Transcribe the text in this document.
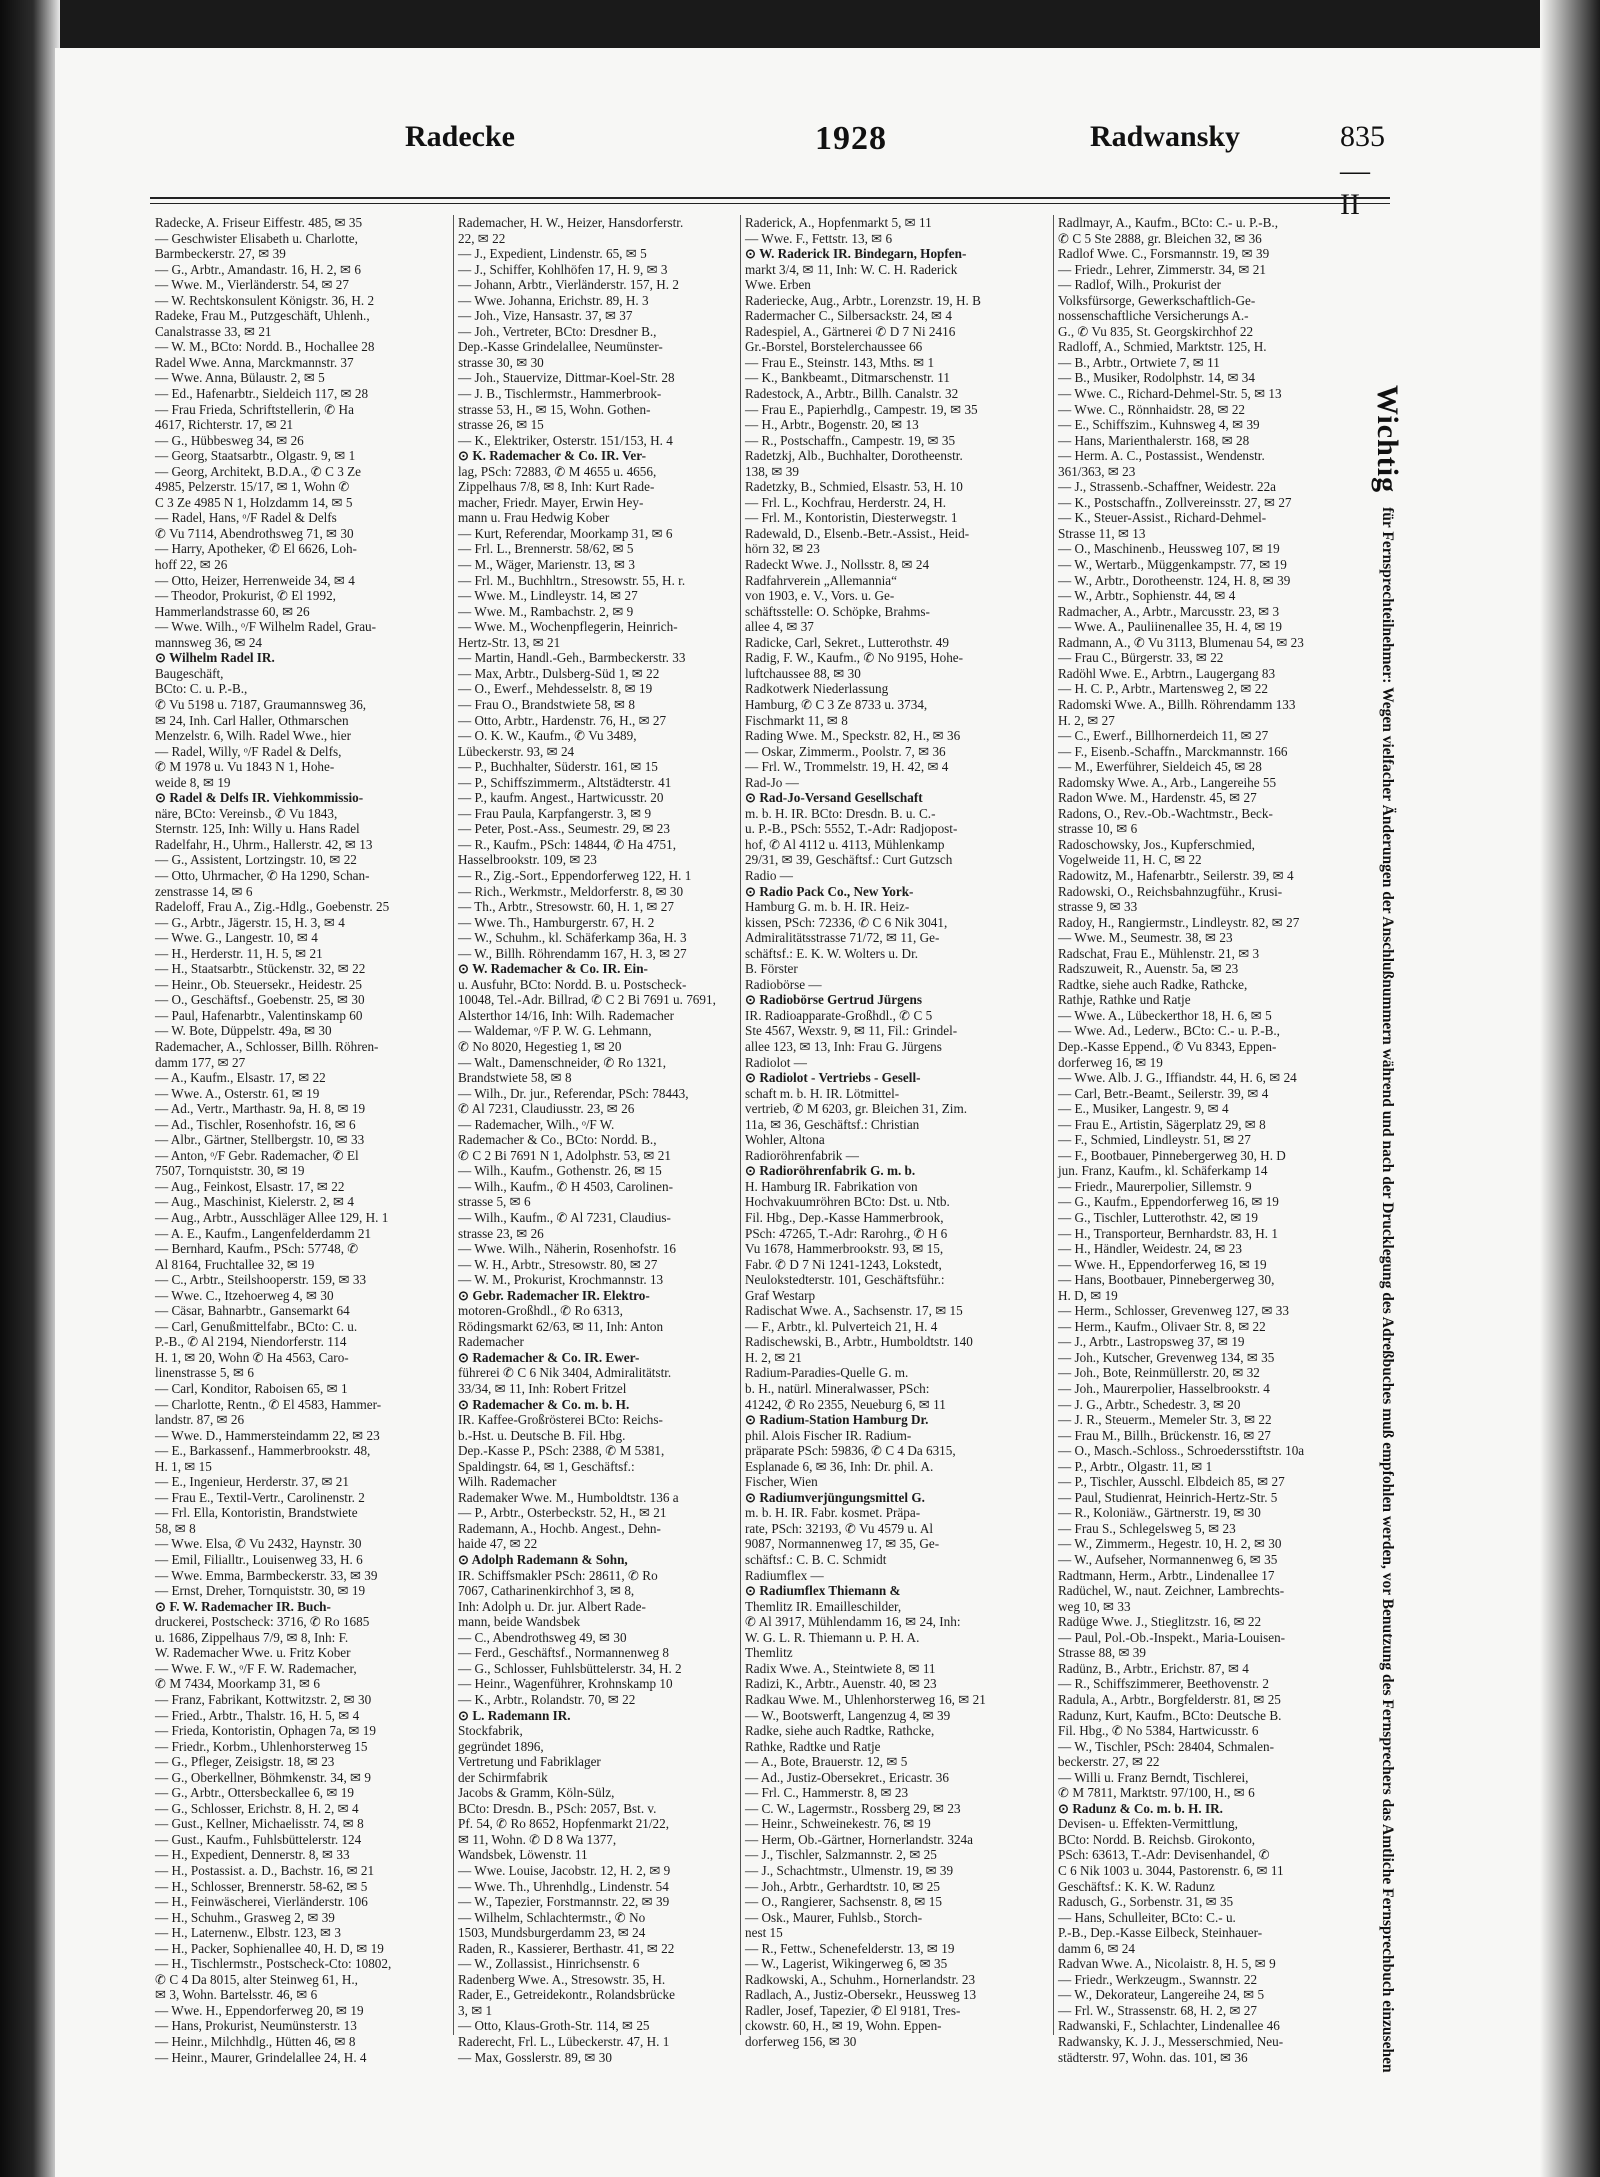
Radecke	1928	Radwansky	835—II
Radecke, A. Friseur Eiffestr. 485, ✉ 35
— Geschwister Elisabeth u. Charlotte,
Barmbeckerstr. 27, ✉ 39
— G., Arbtr., Amandastr. 16, H. 2, ✉ 6
— Wwe. M., Vierländerstr. 54, ✉ 27
— W. Rechtskonsulent Königstr. 36, H. 2
Radeke, Frau M., Putzgeschäft, Uhlenh.,
Canalstrasse 33, ✉ 21
— W. M., BCto: Nordd. B., Hochallee 28
Radel Wwe. Anna, Marckmannstr. 37
— Wwe. Anna, Bülaustr. 2, ✉ 5
— Ed., Hafenarbtr., Sieldeich 117, ✉ 28
— Frau Frieda, Schriftstellerin, ✆ Ha
4617, Richterstr. 17, ✉ 21
— G., Hübbesweg 34, ✉ 26
— Georg, Staatsarbtr., Olgastr. 9, ✉ 1
— Georg, Architekt, B.D.A., ✆ C 3 Ze
4985, Pelzerstr. 15/17, ✉ 1, Wohn ✆
C 3 Ze 4985 N 1, Holzdamm 14, ✉ 5
— Radel, Hans, ᵒ/F Radel & Delfs
✆ Vu 7114, Abendrothsweg 71, ✉ 30
— Harry, Apotheker, ✆ El 6626, Loh-
hoff 22, ✉ 26
— Otto, Heizer, Herrenweide 34, ✉ 4
— Theodor, Prokurist, ✆ El 1992,
Hammerlandstrasse 60, ✉ 26
— Wwe. Wilh., ᵒ/F Wilhelm Radel, Grau-
mannsweg 36, ✉ 24
⊙ Wilhelm Radel IR.
Baugeschäft,
BCto: C. u. P.-B.,
✆ Vu 5198 u. 7187, Graumannsweg 36,
✉ 24, Inh. Carl Haller, Othmarschen
Menzelstr. 6, Wilh. Radel Wwe., hier
— Radel, Willy, ᵒ/F Radel & Delfs,
✆ M 1978 u. Vu 1843 N 1, Hohe-
weide 8, ✉ 19
⊙ Radel & Delfs IR. Viehkommissio-
näre, BCto: Vereinsb., ✆ Vu 1843,
Sternstr. 125, Inh: Willy u. Hans Radel
Radelfahr, H., Uhrm., Hallerstr. 42, ✉ 13
— G., Assistent, Lortzingstr. 10, ✉ 22
— Otto, Uhrmacher, ✆ Ha 1290, Schan-
zenstrasse 14, ✉ 6
Radeloff, Frau A., Zig.-Hdlg., Goebenstr. 25
— G., Arbtr., Jägerstr. 15, H. 3, ✉ 4
— Wwe. G., Langestr. 10, ✉ 4
— H., Herderstr. 11, H. 5, ✉ 21
— H., Staatsarbtr., Stückenstr. 32, ✉ 22
— Heinr., Ob. Steuersekr., Heidestr. 25
— O., Geschäftsf., Goebenstr. 25, ✉ 30
— Paul, Hafenarbtr., Valentinskamp 60
— W. Bote, Düppelstr. 49a, ✉ 30
Rademacher, A., Schlosser, Billh. Röhren-
damm 177, ✉ 27
— A., Kaufm., Elsastr. 17, ✉ 22
— Wwe. A., Osterstr. 61, ✉ 19
— Ad., Vertr., Marthastr. 9a, H. 8, ✉ 19
— Ad., Tischler, Rosenhofstr. 16, ✉ 6
— Albr., Gärtner, Stellbergstr. 10, ✉ 33
— Anton, ᵒ/F Gebr. Rademacher, ✆ El
7507, Tornquiststr. 30, ✉ 19
— Aug., Feinkost, Elsastr. 17, ✉ 22
— Aug., Maschinist, Kielerstr. 2, ✉ 4
— Aug., Arbtr., Ausschläger Allee 129, H. 1
— A. E., Kaufm., Langenfelderdamm 21
— Bernhard, Kaufm., PSch: 57748, ✆
Al 8164, Fruchtallee 32, ✉ 19
— C., Arbtr., Steilshooperstr. 159, ✉ 33
— Wwe. C., Itzehoerweg 4, ✉ 30
— Cäsar, Bahnarbtr., Gansemarkt 64
— Carl, Genußmittelfabr., BCto: C. u.
P.-B., ✆ Al 2194, Niendorferstr. 114
H. 1, ✉ 20, Wohn ✆ Ha 4563, Caro-
linenstrasse 5, ✉ 6
— Carl, Konditor, Raboisen 65, ✉ 1
— Charlotte, Rentn., ✆ El 4583, Hammer-
landstr. 87, ✉ 26
— Wwe. D., Hammersteindamm 22, ✉ 23
— E., Barkassenf., Hammerbrookstr. 48,
H. 1, ✉ 15
— E., Ingenieur, Herderstr. 37, ✉ 21
— Frau E., Textil-Vertr., Carolinenstr. 2
— Frl. Ella, Kontoristin, Brandstwiete
58, ✉ 8
— Wwe. Elsa, ✆ Vu 2432, Haynstr. 30
— Emil, Filialltr., Louisenweg 33, H. 6
— Wwe. Emma, Barmbeckerstr. 33, ✉ 39
— Ernst, Dreher, Tornquiststr. 30, ✉ 19
⊙ F. W. Rademacher IR. Buch-
druckerei, Postscheck: 3716, ✆ Ro 1685
u. 1686, Zippelhaus 7/9, ✉ 8, Inh: F.
W. Rademacher Wwe. u. Fritz Kober
— Wwe. F. W., ᵒ/F F. W. Rademacher,
✆ M 7434, Moorkamp 31, ✉ 6
— Franz, Fabrikant, Kottwitzstr. 2, ✉ 30
— Fried., Arbtr., Thalstr. 16, H. 5, ✉ 4
— Frieda, Kontoristin, Ophagen 7a, ✉ 19
— Friedr., Korbm., Uhlenhorsterweg 15
— G., Pfleger, Zeisigstr. 18, ✉ 23
— G., Oberkellner, Böhmkenstr. 34, ✉ 9
— G., Arbtr., Ottersbeckallee 6, ✉ 19
— G., Schlosser, Erichstr. 8, H. 2, ✉ 4
— Gust., Kellner, Michaelisstr. 74, ✉ 8
— Gust., Kaufm., Fuhlsbüttelerstr. 124
— H., Expedient, Dennerstr. 8, ✉ 33
— H., Postassist. a. D., Bachstr. 16, ✉ 21
— H., Schlosser, Brennerstr. 58-62, ✉ 5
— H., Feinwäscherei, Vierländerstr. 106
— H., Schuhm., Grasweg 2, ✉ 39
— H., Laternenw., Elbstr. 123, ✉ 3
— H., Packer, Sophienallee 40, H. D, ✉ 19
— H., Tischlermstr., Postscheck-Cto: 10802,
✆ C 4 Da 8015, alter Steinweg 61, H.,
✉ 3, Wohn. Bartelsstr. 46, ✉ 6
— Wwe. H., Eppendorferweg 20, ✉ 19
— Hans, Prokurist, Neumünsterstr. 13
— Heinr., Milchhdlg., Hütten 46, ✉ 8
— Heinr., Maurer, Grindelallee 24, H. 4
Rademacher, H. W., Heizer, Hansdorferstr.
22, ✉ 22
— J., Expedient, Lindenstr. 65, ✉ 5
— J., Schiffer, Kohlhöfen 17, H. 9, ✉ 3
— Johann, Arbtr., Vierländerstr. 157, H. 2
— Wwe. Johanna, Erichstr. 89, H. 3
— Joh., Vize, Hansastr. 37, ✉ 37
— Joh., Vertreter, BCto: Dresdner B.,
Dep.-Kasse Grindelallee, Neumünster-
strasse 30, ✉ 30
— Joh., Stauervize, Dittmar-Koel-Str. 28
— J. B., Tischlermstr., Hammerbrook-
strasse 53, H., ✉ 15, Wohn. Gothen-
strasse 26, ✉ 15
— K., Elektriker, Osterstr. 151/153, H. 4
⊙ K. Rademacher & Co. IR. Ver-
lag, PSch: 72883, ✆ M 4655 u. 4656,
Zippelhaus 7/8, ✉ 8, Inh: Kurt Rade-
macher, Friedr. Mayer, Erwin Hey-
mann u. Frau Hedwig Kober
— Kurt, Referendar, Moorkamp 31, ✉ 6
— Frl. L., Brennerstr. 58/62, ✉ 5
— M., Wäger, Marienstr. 13, ✉ 3
— Frl. M., Buchhltrn., Stresowstr. 55, H. r.
— Wwe. M., Lindleystr. 14, ✉ 27
— Wwe. M., Rambachstr. 2, ✉ 9
— Wwe. M., Wochenpflegerin, Heinrich-
Hertz-Str. 13, ✉ 21
— Martin, Handl.-Geh., Barmbeckerstr. 33
— Max, Arbtr., Dulsberg-Süd 1, ✉ 22
— O., Ewerf., Mehdesselstr. 8, ✉ 19
— Frau O., Brandstwiete 58, ✉ 8
— Otto, Arbtr., Hardenstr. 76, H., ✉ 27
— O. K. W., Kaufm., ✆ Vu 3489,
Lübeckerstr. 93, ✉ 24
— P., Buchhalter, Süderstr. 161, ✉ 15
— P., Schiffszimmerm., Altstädterstr. 41
— P., kaufm. Angest., Hartwicusstr. 20
— Frau Paula, Karpfangerstr. 3, ✉ 9
— Peter, Post.-Ass., Seumestr. 29, ✉ 23
— R., Kaufm., PSch: 14844, ✆ Ha 4751,
Hasselbrookstr. 109, ✉ 23
— R., Zig.-Sort., Eppendorferweg 122, H. 1
— Rich., Werkmstr., Meldorferstr. 8, ✉ 30
— Th., Arbtr., Stresowstr. 60, H. 1, ✉ 27
— Wwe. Th., Hamburgerstr. 67, H. 2
— W., Schuhm., kl. Schäferkamp 36a, H. 3
— W., Billh. Röhrendamm 167, H. 3, ✉ 27
⊙ W. Rademacher & Co. IR. Ein-
u. Ausfuhr, BCto: Nordd. B. u. Postscheck-
10048, Tel.-Adr. Billrad, ✆ C 2 Bi 7691 u. 7691,
Alsterthor 14/16, Inh: Wilh. Rademacher
— Waldemar, ᵒ/F P. W. G. Lehmann,
✆ No 8020, Hegestieg 1, ✉ 20
— Walt., Damenschneider, ✆ Ro 1321,
Brandstwiete 58, ✉ 8
— Wilh., Dr. jur., Referendar, PSch: 78443,
✆ Al 7231, Claudiusstr. 23, ✉ 26
— Rademacher, Wilh., ᵒ/F W.
Rademacher & Co., BCto: Nordd. B.,
✆ C 2 Bi 7691 N 1, Adolphstr. 53, ✉ 21
— Wilh., Kaufm., Gothenstr. 26, ✉ 15
— Wilh., Kaufm., ✆ H 4503, Carolinen-
strasse 5, ✉ 6
— Wilh., Kaufm., ✆ Al 7231, Claudius-
strasse 23, ✉ 26
— Wwe. Wilh., Näherin, Rosenhofstr. 16
— W. H., Arbtr., Stresowstr. 80, ✉ 27
— W. M., Prokurist, Krochmannstr. 13
⊙ Gebr. Rademacher IR. Elektro-
motoren-Großhdl., ✆ Ro 6313,
Rödingsmarkt 62/63, ✉ 11, Inh: Anton
Rademacher
⊙ Rademacher & Co. IR. Ewer-
führerei ✆ C 6 Nik 3404, Admiralitätstr.
33/34, ✉ 11, Inh: Robert Fritzel
⊙ Rademacher & Co. m. b. H.
IR. Kaffee-Großrösterei BCto: Reichs-
b.-Hst. u. Deutsche B. Fil. Hbg.
Dep.-Kasse P., PSch: 2388, ✆ M 5381,
Spaldingstr. 64, ✉ 1, Geschäftsf.:
Wilh. Rademacher
Rademaker Wwe. M., Humboldtstr. 136 a
— P., Arbtr., Osterbeckstr. 52, H., ✉ 21
Rademann, A., Hochb. Angest., Dehn-
haide 47, ✉ 22
⊙ Adolph Rademann & Sohn,
IR. Schiffsmakler PSch: 28611, ✆ Ro
7067, Catharinenkirchhof 3, ✉ 8,
Inh: Adolph u. Dr. jur. Albert Rade-
mann, beide Wandsbek
— C., Abendrothsweg 49, ✉ 30
— Ferd., Geschäftsf., Normannenweg 8
— G., Schlosser, Fuhlsbüttelerstr. 34, H. 2
— Heinr., Wagenführer, Krohnskamp 10
— K., Arbtr., Rolandstr. 70, ✉ 22
⊙ L. Rademann IR.
Stockfabrik,
gegründet 1896,
Vertretung und Fabriklager
der Schirmfabrik
Jacobs & Gramm, Köln-Sülz,
BCto: Dresdn. B., PSch: 2057, Bst. v.
Pf. 54, ✆ Ro 8652, Hopfenmarkt 21/22,
✉ 11, Wohn. ✆ D 8 Wa 1377,
Wandsbek, Löwenstr. 11
— Wwe. Louise, Jacobstr. 12, H. 2, ✉ 9
— Wwe. Th., Uhrenhdlg., Lindenstr. 54
— W., Tapezier, Forstmannstr. 22, ✉ 39
— Wilhelm, Schlachtermstr., ✆ No
1503, Mundsburgerdamm 23, ✉ 24
Raden, R., Kassierer, Berthastr. 41, ✉ 22
— W., Zollassist., Hinrichsenstr. 6
Radenberg Wwe. A., Stresowstr. 35, H.
Rader, E., Getreidekontr., Rolandsbrücke
3, ✉ 1
— Otto, Klaus-Groth-Str. 114, ✉ 25
Raderecht, Frl. L., Lübeckerstr. 47, H. 1
— Max, Gosslerstr. 89, ✉ 30
Raderick, A., Hopfenmarkt 5, ✉ 11
— Wwe. F., Fettstr. 13, ✉ 6
⊙ W. Raderick IR. Bindegarn, Hopfen-
markt 3/4, ✉ 11, Inh: W. C. H. Raderick
Wwe. Erben
Raderiecke, Aug., Arbtr., Lorenzstr. 19, H. B
Radermacher C., Silbersackstr. 24, ✉ 4
Radespiel, A., Gärtnerei ✆ D 7 Ni 2416
Gr.-Borstel, Borstelerchaussee 66
— Frau E., Steinstr. 143, Mths. ✉ 1
— K., Bankbeamt., Ditmarschenstr. 11
Radestock, A., Arbtr., Billh. Canalstr. 32
— Frau E., Papierhdlg., Campestr. 19, ✉ 35
— H., Arbtr., Bogenstr. 20, ✉ 13
— R., Postschaffn., Campestr. 19, ✉ 35
Radetzkj, Alb., Buchhalter, Dorotheenstr.
138, ✉ 39
Radetzky, B., Schmied, Elsastr. 53, H. 10
— Frl. L., Kochfrau, Herderstr. 24, H.
— Frl. M., Kontoristin, Diesterwegstr. 1
Radewald, D., Elsenb.-Betr.-Assist., Heid-
hörn 32, ✉ 23
Radeckt Wwe. J., Nollsstr. 8, ✉ 24
Radfahrverein „Allemannia“
von 1903, e. V., Vors. u. Ge-
schäftsstelle: O. Schöpke, Brahms-
allee 4, ✉ 37
Radicke, Carl, Sekret., Lutterothstr. 49
Radig, F. W., Kaufm., ✆ No 9195, Hohe-
luftchaussee 88, ✉ 30
Radkotwerk Niederlassung
Hamburg, ✆ C 3 Ze 8733 u. 3734,
Fischmarkt 11, ✉ 8
Rading Wwe. M., Speckstr. 82, H., ✉ 36
— Oskar, Zimmerm., Poolstr. 7, ✉ 36
— Frl. W., Trommelstr. 19, H. 42, ✉ 4
Rad-Jo —
⊙ Rad-Jo-Versand Gesellschaft
m. b. H. IR. BCto: Dresdn. B. u. C.-
u. P.-B., PSch: 5552, T.-Adr: Radjopost-
hof, ✆ Al 4112 u. 4113, Mühlenkamp
29/31, ✉ 39, Geschäftsf.: Curt Gutzsch
Radio —
⊙ Radio Pack Co., New York-
Hamburg G. m. b. H. IR. Heiz-
kissen, PSch: 72336, ✆ C 6 Nik 3041,
Admiralitätsstrasse 71/72, ✉ 11, Ge-
schäftsf.: E. K. W. Wolters u. Dr.
B. Förster
Radiobörse —
⊙ Radiobörse Gertrud Jürgens
IR. Radioapparate-Großhdl., ✆ C 5
Ste 4567, Wexstr. 9, ✉ 11, Fil.: Grindel-
allee 123, ✉ 13, Inh: Frau G. Jürgens
Radiolot —
⊙ Radiolot - Vertriebs - Gesell-
schaft m. b. H. IR. Lötmittel-
vertrieb, ✆ M 6203, gr. Bleichen 31, Zim.
11a, ✉ 36, Geschäftsf.: Christian
Wohler, Altona
Radioröhrenfabrik —
⊙ Radioröhrenfabrik G. m. b.
H. Hamburg IR. Fabrikation von
Hochvakuumröhren BCto: Dst. u. Ntb.
Fil. Hbg., Dep.-Kasse Hammerbrook,
PSch: 47265, T.-Adr: Rarohrg., ✆ H 6
Vu 1678, Hammerbrookstr. 93, ✉ 15,
Fabr. ✆ D 7 Ni 1241-1243, Lokstedt,
Neulokstedterstr. 101, Geschäftsführ.:
Graf Westarp
Radischat Wwe. A., Sachsenstr. 17, ✉ 15
— F., Arbtr., kl. Pulverteich 21, H. 4
Radischewski, B., Arbtr., Humboldtstr. 140
H. 2, ✉ 21
Radium-Paradies-Quelle G. m.
b. H., natürl. Mineralwasser, PSch:
41242, ✆ Ro 2355, Neueburg 6, ✉ 11
⊙ Radium-Station Hamburg Dr.
phil. Alois Fischer IR. Radium-
präparate PSch: 59836, ✆ C 4 Da 6315,
Esplanade 6, ✉ 36, Inh: Dr. phil. A.
Fischer, Wien
⊙ Radiumverjüngungsmittel G.
m. b. H. IR. Fabr. kosmet. Präpa-
rate, PSch: 32193, ✆ Vu 4579 u. Al
9087, Normannenweg 17, ✉ 35, Ge-
schäftsf.: C. B. C. Schmidt
Radiumflex —
⊙ Radiumflex Thiemann &
Themlitz IR. Emailleschilder,
✆ Al 3917, Mühlendamm 16, ✉ 24, Inh:
W. G. L. R. Thiemann u. P. H. A.
Themlitz
Radix Wwe. A., Steintwiete 8, ✉ 11
Radizi, K., Arbtr., Auenstr. 40, ✉ 23
Radkau Wwe. M., Uhlenhorsterweg 16, ✉ 21
— W., Bootswerft, Langenzug 4, ✉ 39
Radke, siehe auch Radtke, Rathcke,
Rathke, Radtke und Ratje
— A., Bote, Brauerstr. 12, ✉ 5
— Ad., Justiz-Obersekret., Ericastr. 36
— Frl. C., Hammerstr. 8, ✉ 23
— C. W., Lagermstr., Rossberg 29, ✉ 23
— Heinr., Schweinekestr. 76, ✉ 19
— Herm, Ob.-Gärtner, Hornerlandstr. 324a
— J., Tischler, Salzmannstr. 2, ✉ 25
— J., Schachtmstr., Ulmenstr. 19, ✉ 39
— Joh., Arbtr., Gerhardtstr. 10, ✉ 25
— O., Rangierer, Sachsenstr. 8, ✉ 15
— Osk., Maurer, Fuhlsb., Storch-
nest 15
— R., Fettw., Schenefelderstr. 13, ✉ 19
— W., Lagerist, Wikingerweg 6, ✉ 35
Radkowski, A., Schuhm., Hornerlandstr. 23
Radlach, A., Justiz-Obersekr., Heussweg 13
Radler, Josef, Tapezier, ✆ El 9181, Tres-
ckowstr. 60, H., ✉ 19, Wohn. Eppen-
dorferweg 156, ✉ 30
Radlmayr, A., Kaufm., BCto: C.- u. P.-B.,
✆ C 5 Ste 2888, gr. Bleichen 32, ✉ 36
Radlof Wwe. C., Forsmannstr. 19, ✉ 39
— Friedr., Lehrer, Zimmerstr. 34, ✉ 21
— Radlof, Wilh., Prokurist der
Volksfürsorge, Gewerkschaftlich-Ge-
nossenschaftliche Versicherungs A.-
G., ✆ Vu 835, St. Georgskirchhof 22
Radloff, A., Schmied, Marktstr. 125, H.
— B., Arbtr., Ortwiete 7, ✉ 11
— B., Musiker, Rodolphstr. 14, ✉ 34
— Wwe. C., Richard-Dehmel-Str. 5, ✉ 13
— Wwe. C., Rönnhaidstr. 28, ✉ 22
— E., Schiffszim., Kuhnsweg 4, ✉ 39
— Hans, Marienthalerstr. 168, ✉ 28
— Herm. A. C., Postassist., Wendenstr.
361/363, ✉ 23
— J., Strassenb.-Schaffner, Weidestr. 22a
— K., Postschaffn., Zollvereinsstr. 27, ✉ 27
— K., Steuer-Assist., Richard-Dehmel-
Strasse 11, ✉ 13
— O., Maschinenb., Heussweg 107, ✉ 19
— W., Wertarb., Müggenkampstr. 77, ✉ 19
— W., Arbtr., Dorotheenstr. 124, H. 8, ✉ 39
— W., Arbtr., Sophienstr. 44, ✉ 4
Radmacher, A., Arbtr., Marcusstr. 23, ✉ 3
— Wwe. A., Pauliinenallee 35, H. 4, ✉ 19
Radmann, A., ✆ Vu 3113, Blumenau 54, ✉ 23
— Frau C., Bürgerstr. 33, ✉ 22
Radöhl Wwe. E., Arbtrn., Laugergang 83
— H. C. P., Arbtr., Martensweg 2, ✉ 22
Radomski Wwe. A., Billh. Röhrendamm 133
H. 2, ✉ 27
— C., Ewerf., Billhornerdeich 11, ✉ 27
— F., Eisenb.-Schaffn., Marckmannstr. 166
— M., Ewerführer, Sieldeich 45, ✉ 28
Radomsky Wwe. A., Arb., Langereihe 55
Radon Wwe. M., Hardenstr. 45, ✉ 27
Radons, O., Rev.-Ob.-Wachtmstr., Beck-
strasse 10, ✉ 6
Radoschowsky, Jos., Kupferschmied,
Vogelweide 11, H. C, ✉ 22
Radowitz, M., Hafenarbtr., Seilerstr. 39, ✉ 4
Radowski, O., Reichsbahnzugführ., Krusi-
strasse 9, ✉ 33
Radoy, H., Rangiermstr., Lindleystr. 82, ✉ 27
— Wwe. M., Seumestr. 38, ✉ 23
Radschat, Frau E., Mühlenstr. 21, ✉ 3
Radszuweit, R., Auenstr. 5a, ✉ 23
Radtke, siehe auch Radke, Rathcke,
Rathje, Rathke und Ratje
— Wwe. A., Lübeckerthor 18, H. 6, ✉ 5
— Wwe. Ad., Lederw., BCto: C.- u. P.-B.,
Dep.-Kasse Eppend., ✆ Vu 8343, Eppen-
dorferweg 16, ✉ 19
— Wwe. Alb. J. G., Iffiandstr. 44, H. 6, ✉ 24
— Carl, Betr.-Beamt., Seilerstr. 39, ✉ 4
— E., Musiker, Langestr. 9, ✉ 4
— Frau E., Artistin, Sägerplatz 29, ✉ 8
— F., Schmied, Lindleystr. 51, ✉ 27
— F., Bootbauer, Pinnebergerweg 30, H. D
jun. Franz, Kaufm., kl. Schäferkamp 14
— Friedr., Maurerpolier, Sillemstr. 9
— G., Kaufm., Eppendorferweg 16, ✉ 19
— G., Tischler, Lutterothstr. 42, ✉ 19
— H., Transporteur, Bernhardstr. 83, H. 1
— H., Händler, Weidestr. 24, ✉ 23
— Wwe. H., Eppendorferweg 16, ✉ 19
— Hans, Bootbauer, Pinnebergerweg 30,
H. D, ✉ 19
— Herm., Schlosser, Grevenweg 127, ✉ 33
— Herm., Kaufm., Olivaer Str. 8, ✉ 22
— J., Arbtr., Lastropsweg 37, ✉ 19
— Joh., Kutscher, Grevenweg 134, ✉ 35
— Joh., Bote, Reinmüllerstr. 20, ✉ 32
— Joh., Maurerpolier, Hasselbrookstr. 4
— J. G., Arbtr., Schedestr. 3, ✉ 20
— J. R., Steuerm., Memeler Str. 3, ✉ 22
— Frau M., Billh., Brückenstr. 16, ✉ 27
— O., Masch.-Schloss., Schroedersstiftstr. 10a
— P., Arbtr., Olgastr. 11, ✉ 1
— P., Tischler, Ausschl. Elbdeich 85, ✉ 27
— Paul, Studienrat, Heinrich-Hertz-Str. 5
— R., Koloniäw., Gärtnerstr. 19, ✉ 30
— Frau S., Schlegelsweg 5, ✉ 23
— W., Zimmerm., Hegestr. 10, H. 2, ✉ 30
— W., Aufseher, Normannenweg 6, ✉ 35
Radtmann, Herm., Arbtr., Lindenallee 17
Radüchel, W., naut. Zeichner, Lambrechts-
weg 10, ✉ 33
Radüge Wwe. J., Stieglitzstr. 16, ✉ 22
— Paul, Pol.-Ob.-Inspekt., Maria-Louisen-
Strasse 88, ✉ 39
Radünz, B., Arbtr., Erichstr. 87, ✉ 4
— R., Schiffszimmerer, Beethovenstr. 2
Radula, A., Arbtr., Borgfelderstr. 81, ✉ 25
Radunz, Kurt, Kaufm., BCto: Deutsche B.
Fil. Hbg., ✆ No 5384, Hartwicusstr. 6
— W., Tischler, PSch: 28404, Schmalen-
beckerstr. 27, ✉ 22
— Willi u. Franz Berndt, Tischlerei,
✆ M 7811, Marktstr. 97/100, H., ✉ 6
⊙ Radunz & Co. m. b. H. IR.
Devisen- u. Effekten-Vermittlung,
BCto: Nordd. B. Reichsb. Girokonto,
PSch: 63613, T.-Adr: Devisenhandel, ✆
C 6 Nik 1003 u. 3044, Pastorenstr. 6, ✉ 11
Geschäftsf.: K. K. W. Radunz
Radusch, G., Sorbenstr. 31, ✉ 35
— Hans, Schulleiter, BCto: C.- u.
P.-B., Dep.-Kasse Eilbeck, Steinhauer-
damm 6, ✉ 24
Radvan Wwe. A., Nicolaistr. 8, H. 5, ✉ 9
— Friedr., Werkzeugm., Swannstr. 22
— W., Dekorateur, Langereihe 24, ✉ 5
— Frl. W., Strassenstr. 68, H. 2, ✉ 27
Radwanski, F., Schlachter, Lindenallee 46
Radwansky, K. J. J., Messerschmied, Neu-
städterstr. 97, Wohn. das. 101, ✉ 36
Wichtig
für Fernsprechteilnehmer: Wegen vielfacher Änderungen der Anschlußnummern während und nach der Drucklegung des Adreßbuches muß empfohlen werden, vor Benutzung des Fernsprechers das Amtliche Fernsprechbuch einzusehen
